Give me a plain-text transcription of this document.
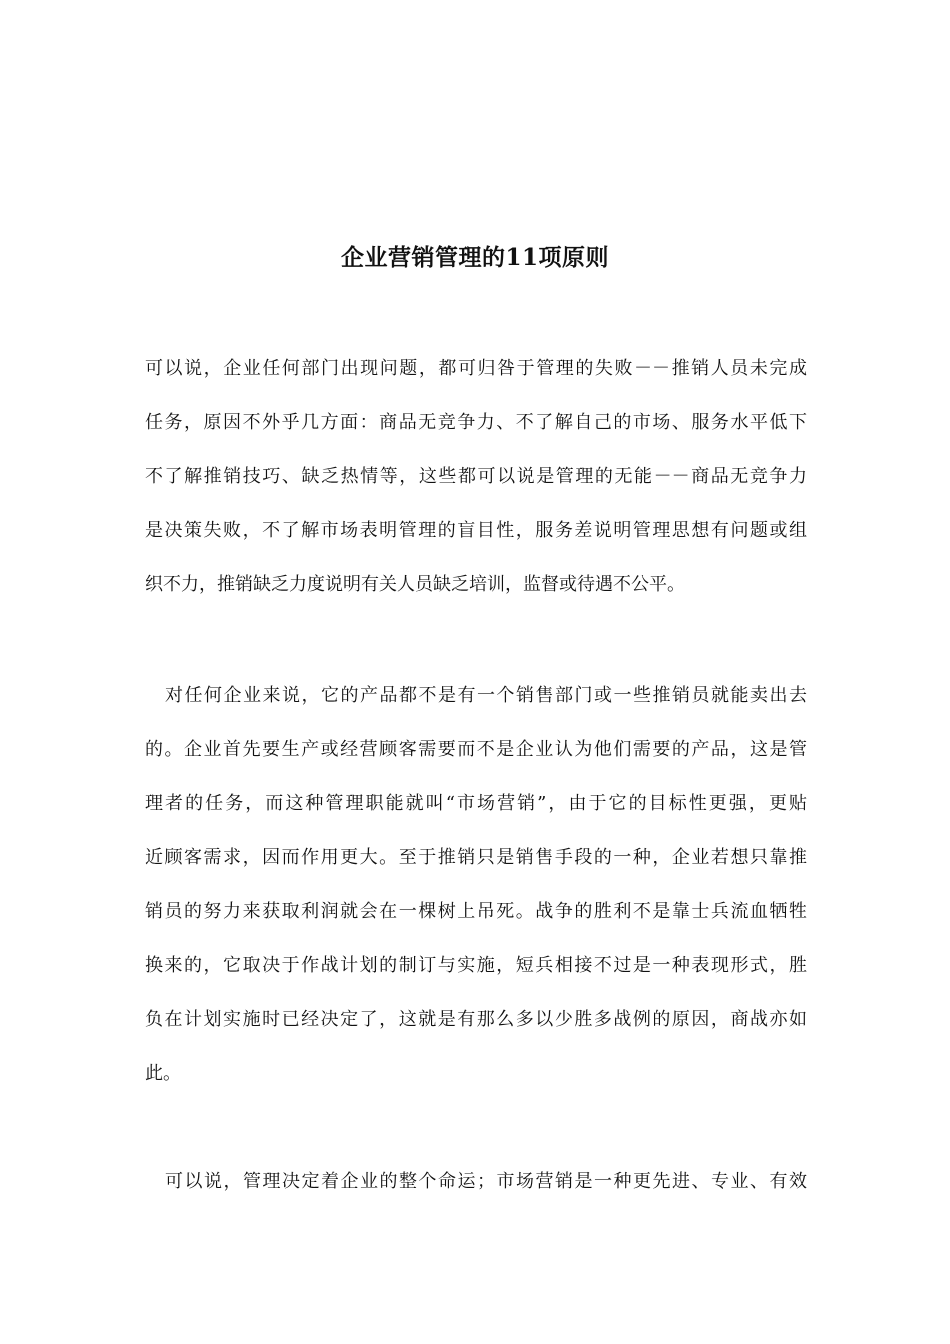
企业营销管理的11项原则
可以说，企业任何部门出现问题，都可归咎于管理的失败－－推销人员未完成
任务，原因不外乎几方面：商品无竞争力、不了解自己的市场、服务水平低下
不了解推销技巧、缺乏热情等，这些都可以说是管理的无能－－商品无竞争力
是决策失败，不了解市场表明管理的盲目性，服务差说明管理思想有问题或组
织不力，推销缺乏力度说明有关人员缺乏培训，监督或待遇不公平。
对任何企业来说，它的产品都不是有一个销售部门或一些推销员就能卖出去
的。企业首先要生产或经营顾客需要而不是企业认为他们需要的产品，这是管
理者的任务，而这种管理职能就叫“市场营销”，由于它的目标性更强，更贴
近顾客需求，因而作用更大。至于推销只是销售手段的一种，企业若想只靠推
销员的努力来获取利润就会在一棵树上吊死。战争的胜利不是靠士兵流血牺牲
换来的，它取决于作战计划的制订与实施，短兵相接不过是一种表现形式，胜
负在计划实施时已经决定了，这就是有那么多以少胜多战例的原因，商战亦如
此。
可以说，管理决定着企业的整个命运；市场营销是一种更先进、专业、有效
